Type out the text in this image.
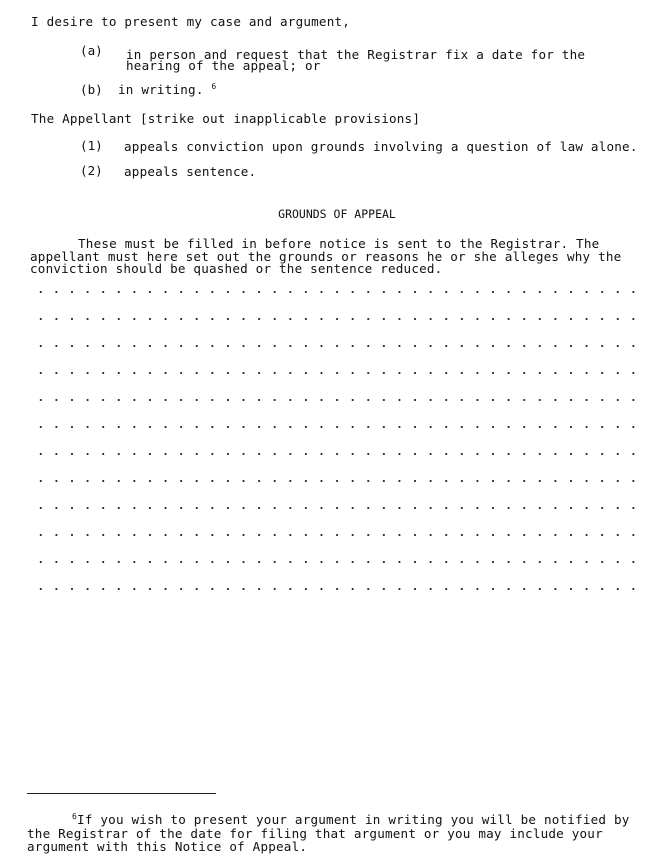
I desire to present my case and argument,
(a) in person and request that the Registrar fix a date for the
hearing of the appeal; or
(b) in writing. $^6$
The Appellant [strike out inapplicable provisions]
(1) appeals conviction upon grounds involving a question of law alone.
(2) appeals sentence.
GROUNDS OF APPEAL
These must be filled in before notice is sent to the Registrar. The
appellant must here set out the grounds or reasons he or she alleges why the
conviction should be quashed or the sentence reduced.
$^6$If you wish to present your argument in writing you will be notified by
the Registrar of the date for filing that argument or you may include your
argument with this Notice of Appeal.
